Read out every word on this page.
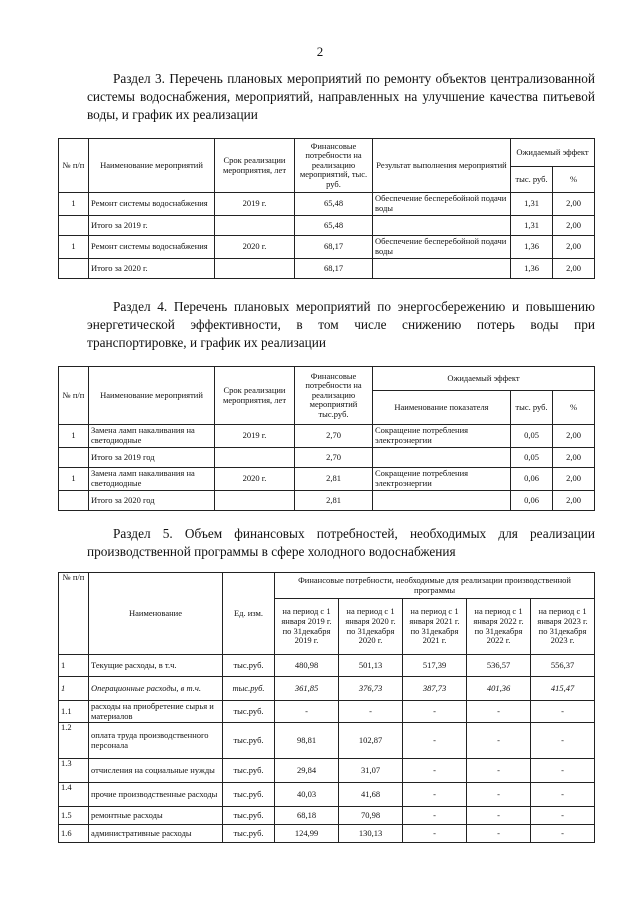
2
Раздел 3. Перечень плановых мероприятий по ремонту объектов централизованной системы водоснабжения, мероприятий, направленных на улучшение качества питьевой воды, и график их реализации
№ п/п	Наименование мероприятий	Срок реализации мероприятия, лет	Финансовые потребности на реализацию мероприятий, тыс. руб.	Результат выполнения мероприятий	Ожидаемый эффект	
					тыс. руб.	%
1	Ремонт системы водоснабжения	2019 г.	65,48	Обеспечение бесперебойной подачи воды	1,31	2,00
	Итого за 2019 г.		65,48		1,31	2,00
1	Ремонт системы водоснабжения	2020 г.	68,17	Обеспечение бесперебойной подачи воды	1,36	2,00
	Итого за 2020 г.		68,17		1,36	2,00
Раздел 4. Перечень плановых мероприятий по энергосбережению и повышению энергетической эффективности, в том числе снижению потерь воды при транспортировке, и график их реализации
№ п/п	Наименование мероприятий	Срок реализации мероприятия, лет	Финансовые потребности на реализацию мероприятий тыс.руб.	Ожидаемый эффект		
				Наименование показателя	тыс. руб.	%
1	Замена ламп накаливания на светодиодные	2019 г.	2,70	Сокращение потребления электроэнергии	0,05	2,00
	Итого за 2019 год		2,70		0,05	2,00
1	Замена ламп накаливания на светодиодные	2020 г.	2,81	Сокращение потребления электроэнергии	0,06	2,00
	Итого за 2020 год		2,81		0,06	2,00
Раздел 5. Объем финансовых потребностей, необходимых для реализации производственной программы в сфере холодного водоснабжения
№ п/п	Наименование	Ед. изм.	Финансовые потребности, необходимые для реализации производственной программы				
			на период с 1 января 2019 г. по 31декабря 2019 г.	на период с 1 января 2020 г. по 31декабря 2020 г.	на период с 1 января 2021 г. по 31декабря 2021 г.	на период с 1 января 2022 г. по 31декабря 2022 г.	на период с 1 января 2023 г. по 31декабря 2023 г.
1	Текущие расходы, в т.ч.	тыс.руб.	480,98	501,13	517,39	536,57	556,37
1	Операционные расходы, в т.ч.	тыс.руб.	361,85	376,73	387,73	401,36	415,47
1.1	расходы на приобретение сырья и материалов	тыс.руб.	-	-	-	-	-
1.2	оплата труда производственного персонала	тыс.руб.	98,81	102,87	-	-	-
1.3	отчисления на социальные нужды	тыс.руб.	29,84	31,07	-	-	-
1.4	прочие производственные расходы	тыс.руб.	40,03	41,68	-	-	-
1.5	ремонтные расходы	тыс.руб.	68,18	70,98	-	-	-
1.6	административные расходы	тыс.руб.	124,99	130,13	-	-	-
